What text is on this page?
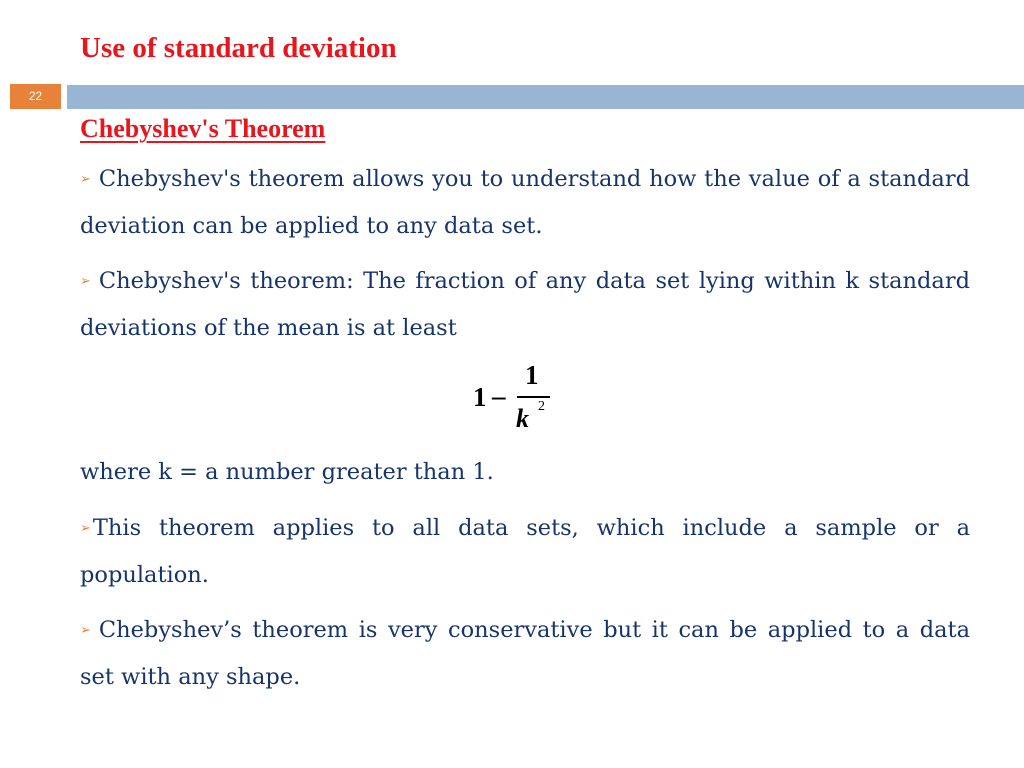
Use of standard deviation
22
Chebyshev's Theorem
➢ Chebyshev's theorem allows you to understand how the value of a standard deviation can be applied to any data set.
➢ Chebyshev's theorem: The fraction of any data set lying within k standard deviations of the mean is at least
1 –
1
k 2
where k = a number greater than 1.
➢This theorem applies to all data sets, which include a sample or a population.
➢ Chebyshev’s theorem is very conservative but it can be applied to a data set with any shape.
